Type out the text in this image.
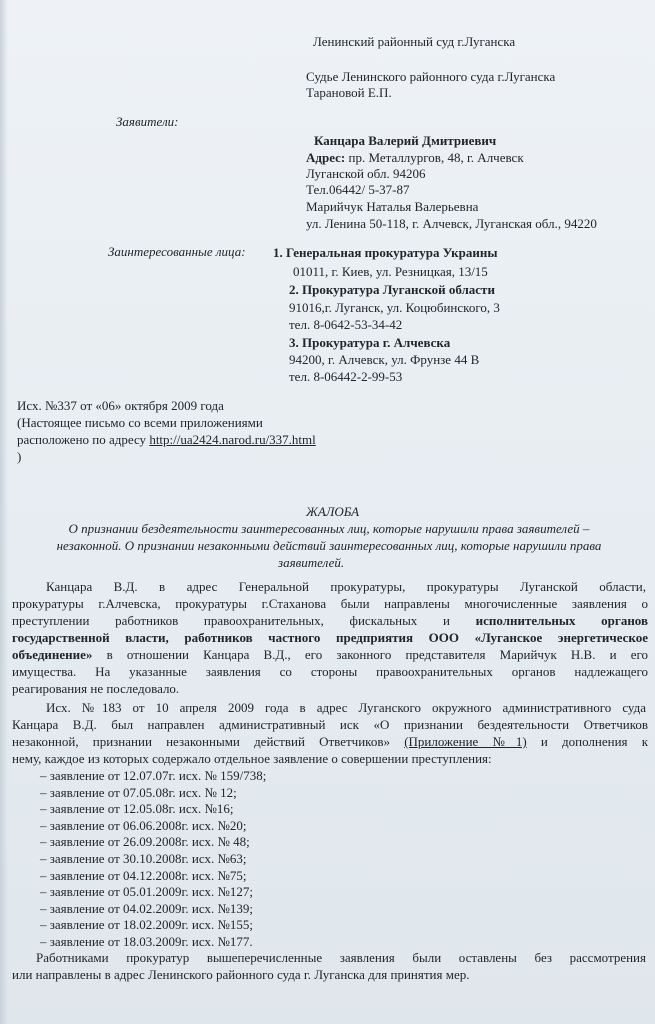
Ленинский районный суд г.Луганска
Судье Ленинского районного суда г.Луганска
Тарановой Е.П.
Заявители:
Канцара Валерий Дмитриевич
Адрес: пр. Металлургов, 48, г. Алчевск
Луганской обл. 94206
Тел.06442/ 5-37-87
Марийчук Наталья Валерьевна
ул. Ленина 50-118, г. Алчевск, Луганская обл., 94220
Заинтересованные лица: 1. Генеральная прокуратура Украины
01011, г. Киев, ул. Резницкая, 13/15
2. Прокуратура Луганской области
91016,г. Луганск, ул. Коцюбинского, 3
тел. 8-0642-53-34-42
3. Прокуратура г. Алчевска
94200, г. Алчевск, ул. Фрунзе 44 В
тел. 8-06442-2-99-53
Исх. №337 от «06» октября 2009 года
(Настоящее письмо со всеми приложениями
расположено по адресу http://ua2424.narod.ru/337.html
)
ЖАЛОБА
О признании бездеятельности заинтересованных лиц, которые нарушили права заявителей –
незаконной. О признании незаконными действий заинтересованных лиц, которые нарушили права
заявителей.
Канцара В.Д. в адрес Генеральной прокуратуры, прокуратуры Луганской области,
прокуратуры г.Алчевска, прокуратуры г.Стаханова были направлены многочисленные заявления о
преступлении работников правоохранительных, фискальных и исполнительных органов
государственной власти, работников частного предприятия ООО «Луганское энергетическое
объединение» в отношении Канцара В.Д., его законного представителя Марийчук Н.В. и его
имущества. На указанные заявления со стороны правоохранительных органов надлежащего
реагирования не последовало.
Исх. №183 от 10 апреля 2009 года в адрес Луганского окружного административного суда
Канцара В.Д. был направлен административный иск «О признании бездеятельности Ответчиков
незаконной, признании незаконными действий Ответчиков» (Приложение №1) и дополнения к
нему, каждое из которых содержало отдельное заявление о совершении преступления:
– заявление от 12.07.07г. исх. № 159/738;
– заявление от 07.05.08г. исх. № 12;
– заявление от 12.05.08г. исх. №16;
– заявление от 06.06.2008г. исх. №20;
– заявление от 26.09.2008г. исх. № 48;
– заявление от 30.10.2008г. исх. №63;
– заявление от 04.12.2008г. исх. №75;
– заявление от 05.01.2009г. исх. №127;
– заявление от 04.02.2009г. исх. №139;
– заявление от 18.02.2009г. исх. №155;
– заявление от 18.03.2009г. исх. №177.
Работниками прокуратур вышеперечисленные заявления были оставлены без рассмотрения
или направлены в адрес Ленинского районного суда г. Луганска для принятия мер.
